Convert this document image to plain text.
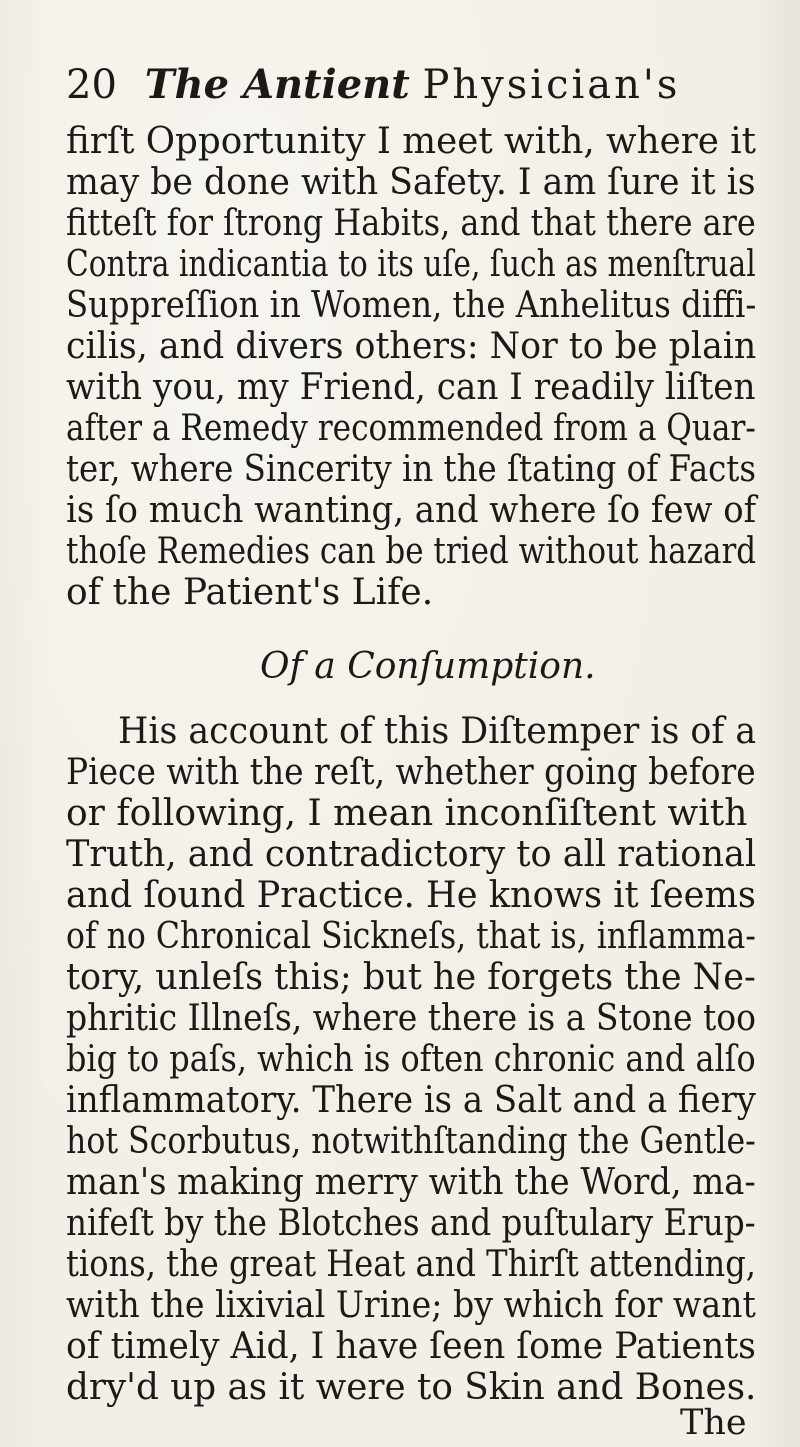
20 The Antient Physician's
firſt Opportunity I meet with, where it
may be done with Safety. I am ſure it is
fitteſt for ſtrong Habits, and that there are
Contra indicantia to its uſe, ſuch as menſtrual
Suppreſſion in Women, the Anhelitus diffi-
cilis, and divers others: Nor to be plain
with you, my Friend, can I readily liſten
after a Remedy recommended from a Quar-
ter, where Sincerity in the ſtating of Facts
is ſo much wanting, and where ſo few of
thoſe Remedies can be tried without hazard
of the Patient's Life.
Of a Conſumption.
His account of this Diſtemper is of a
Piece with the reſt, whether going before
or following, I mean inconſiſtent with
Truth, and contradictory to all rational
and ſound Practice. He knows it ſeems
of no Chronical Sickneſs, that is, inflamma-
tory, unleſs this; but he forgets the Ne-
phritic Illneſs, where there is a Stone too
big to paſs, which is often chronic and alſo
inflammatory. There is a Salt and a fiery
hot Scorbutus, notwithſtanding the Gentle-
man's making merry with the Word, ma-
nifeſt by the Blotches and puſtulary Erup-
tions, the great Heat and Thirſt attending,
with the lixivial Urine; by which for want
of timely Aid, I have ſeen ſome Patients
dry'd up as it were to Skin and Bones.
The
